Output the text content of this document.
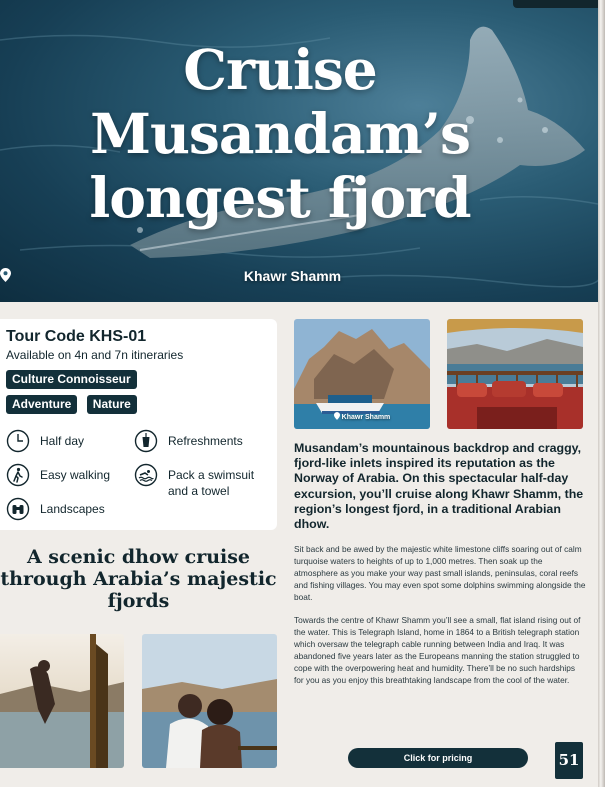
Cruise
Musandam’s
longest fjord
Khawr Shamm
Tour Code KHS-01
Available on 4n and 7n itineraries
Culture Connoisseur
Adventure Nature
Half day	Refreshments
Easy walking	Pack a swimsuit and a towel
Landscapes
A scenic dhow cruise through Arabia’s majestic fjords
Khawr Shamm

Musandam’s mountainous backdrop and craggy, fjord-like inlets inspired its reputation as the Norway of Arabia. On this spectacular half-day excursion, you’ll cruise along Khawr Shamm, the region’s longest fjord, in a traditional Arabian dhow.

Sit back and be awed by the majestic white limestone cliffs soaring out of calm turquoise waters to heights of up to 1,000 metres. Then soak up the atmosphere as you make your way past small islands, peninsulas, coral reefs and fishing villages. You may even spot some dolphins swimming alongside the boat.

Towards the centre of Khawr Shamm you’ll see a small, flat island rising out of the water. This is Telegraph Island, home in 1864 to a British telegraph station which oversaw the telegraph cable running between India and Iraq. It was abandoned five years later as the Europeans manning the station struggled to cope with the overpowering heat and humidity. There’ll be no such hardships for you as you enjoy this breathtaking landscape from the cool of the water.

Click for pricing	51
